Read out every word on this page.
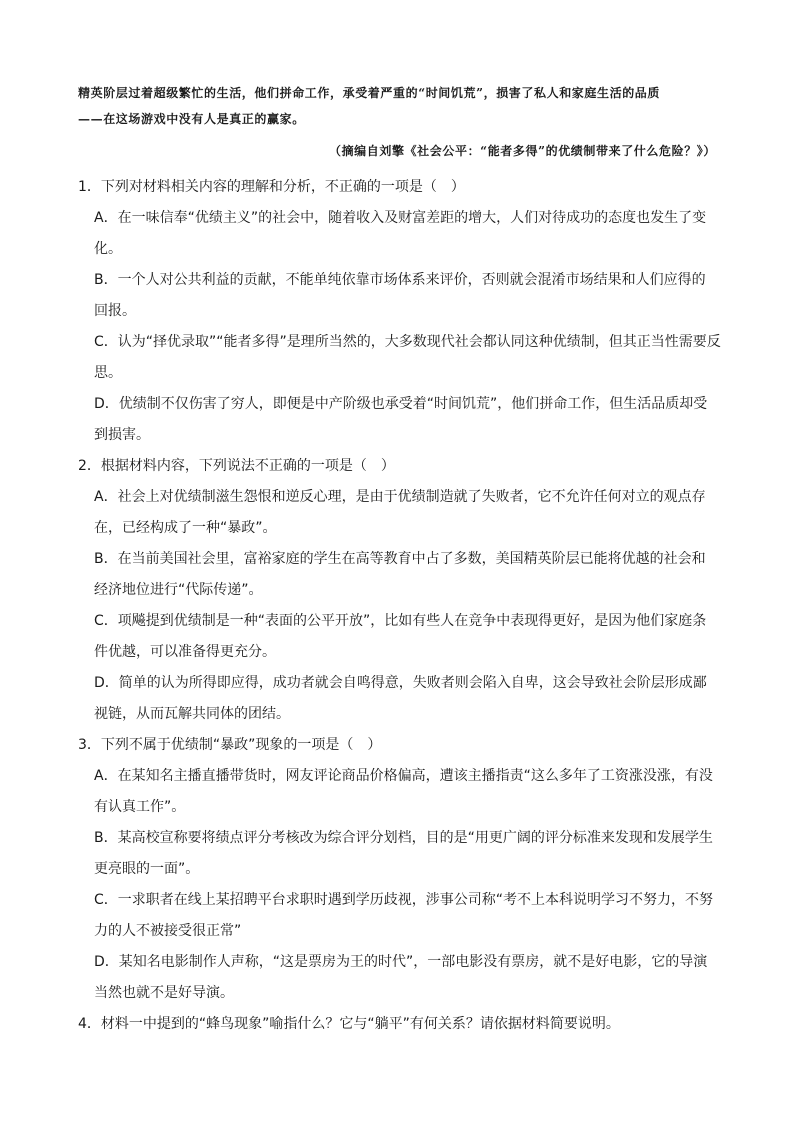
精英阶层过着超级繁忙的生活，他们拼命工作，承受着严重的“时间饥荒”，损害了私人和家庭生活的品质
——在这场游戏中没有人是真正的赢家。
（摘编自刘擎《社会公平：“能者多得”的优绩制带来了什么危险？》）
1．下列对材料相关内容的理解和分析，不正确的一项是（　）
A．在一味信奉“优绩主义”的社会中，随着收入及财富差距的增大，人们对待成功的态度也发生了变
化。
B．一个人对公共利益的贡献，不能单纯依靠市场体系来评价，否则就会混淆市场结果和人们应得的
回报。
C．认为“择优录取”“能者多得”是理所当然的，大多数现代社会都认同这种优绩制，但其正当性需要反
思。
D．优绩制不仅伤害了穷人，即便是中产阶级也承受着“时间饥荒”，他们拼命工作，但生活品质却受
到损害。
2．根据材料内容，下列说法不正确的一项是（　）
A．社会上对优绩制滋生怨恨和逆反心理，是由于优绩制造就了失败者，它不允许任何对立的观点存
在，已经构成了一种“暴政”。
B．在当前美国社会里，富裕家庭的学生在高等教育中占了多数，美国精英阶层已能将优越的社会和
经济地位进行“代际传递”。
C．项飚提到优绩制是一种“表面的公平开放”，比如有些人在竞争中表现得更好，是因为他们家庭条
件优越，可以准备得更充分。
D．简单的认为所得即应得，成功者就会自鸣得意，失败者则会陷入自卑，这会导致社会阶层形成鄙
视链，从而瓦解共同体的团结。
3．下列不属于优绩制“暴政”现象的一项是（　）
A．在某知名主播直播带货时，网友评论商品价格偏高，遭该主播指责“这么多年了工资涨没涨，有没
有认真工作”。
B．某高校宣称要将绩点评分考核改为综合评分划档，目的是“用更广阔的评分标准来发现和发展学生
更亮眼的一面”。
C．一求职者在线上某招聘平台求职时遇到学历歧视，涉事公司称“考不上本科说明学习不努力，不努
力的人不被接受很正常”
D．某知名电影制作人声称，“这是票房为王的时代”，一部电影没有票房，就不是好电影，它的导演
当然也就不是好导演。
4．材料一中提到的“蜂鸟现象”喻指什么？它与“躺平”有何关系？请依据材料简要说明。
